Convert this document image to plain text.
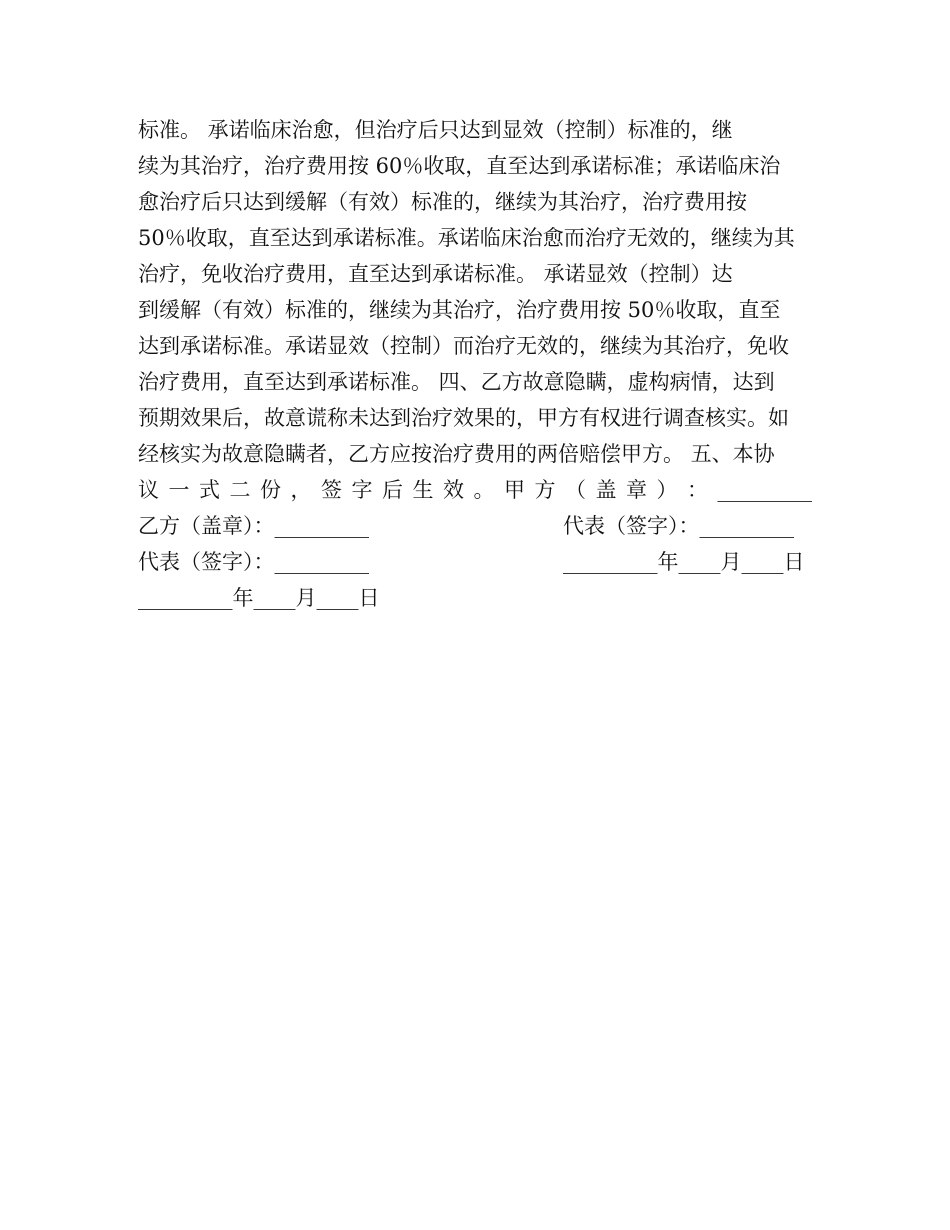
标准。 承诺临床治愈，但治疗后只达到显效（控制）标准的，继
续为其治疗，治疗费用按 60％收取，直至达到承诺标准；承诺临床治
愈治疗后只达到缓解（有效）标准的，继续为其治疗，治疗费用按
50％收取，直至达到承诺标准。承诺临床治愈而治疗无效的，继续为其
治疗，免收治疗费用，直至达到承诺标准。 承诺显效（控制）达
到缓解（有效）标准的，继续为其治疗，治疗费用按 50％收取，直至
达到承诺标准。承诺显效（控制）而治疗无效的，继续为其治疗，免收
治疗费用，直至达到承诺标准。 四、乙方故意隐瞒，虚构病情，达到
预期效果后，故意谎称未达到治疗效果的，甲方有权进行调查核实。如
经核实为故意隐瞒者，乙方应按治疗费用的两倍赔偿甲方。 五、本协
议 一 式 二 份 ， 签 字 后 生 效 。 甲 方 （ 盖 章 ） ： _________
乙方（盖章）：_________	代表（签字）：_________
代表（签字）：_________	_________年____月____日
_________年____月____日
